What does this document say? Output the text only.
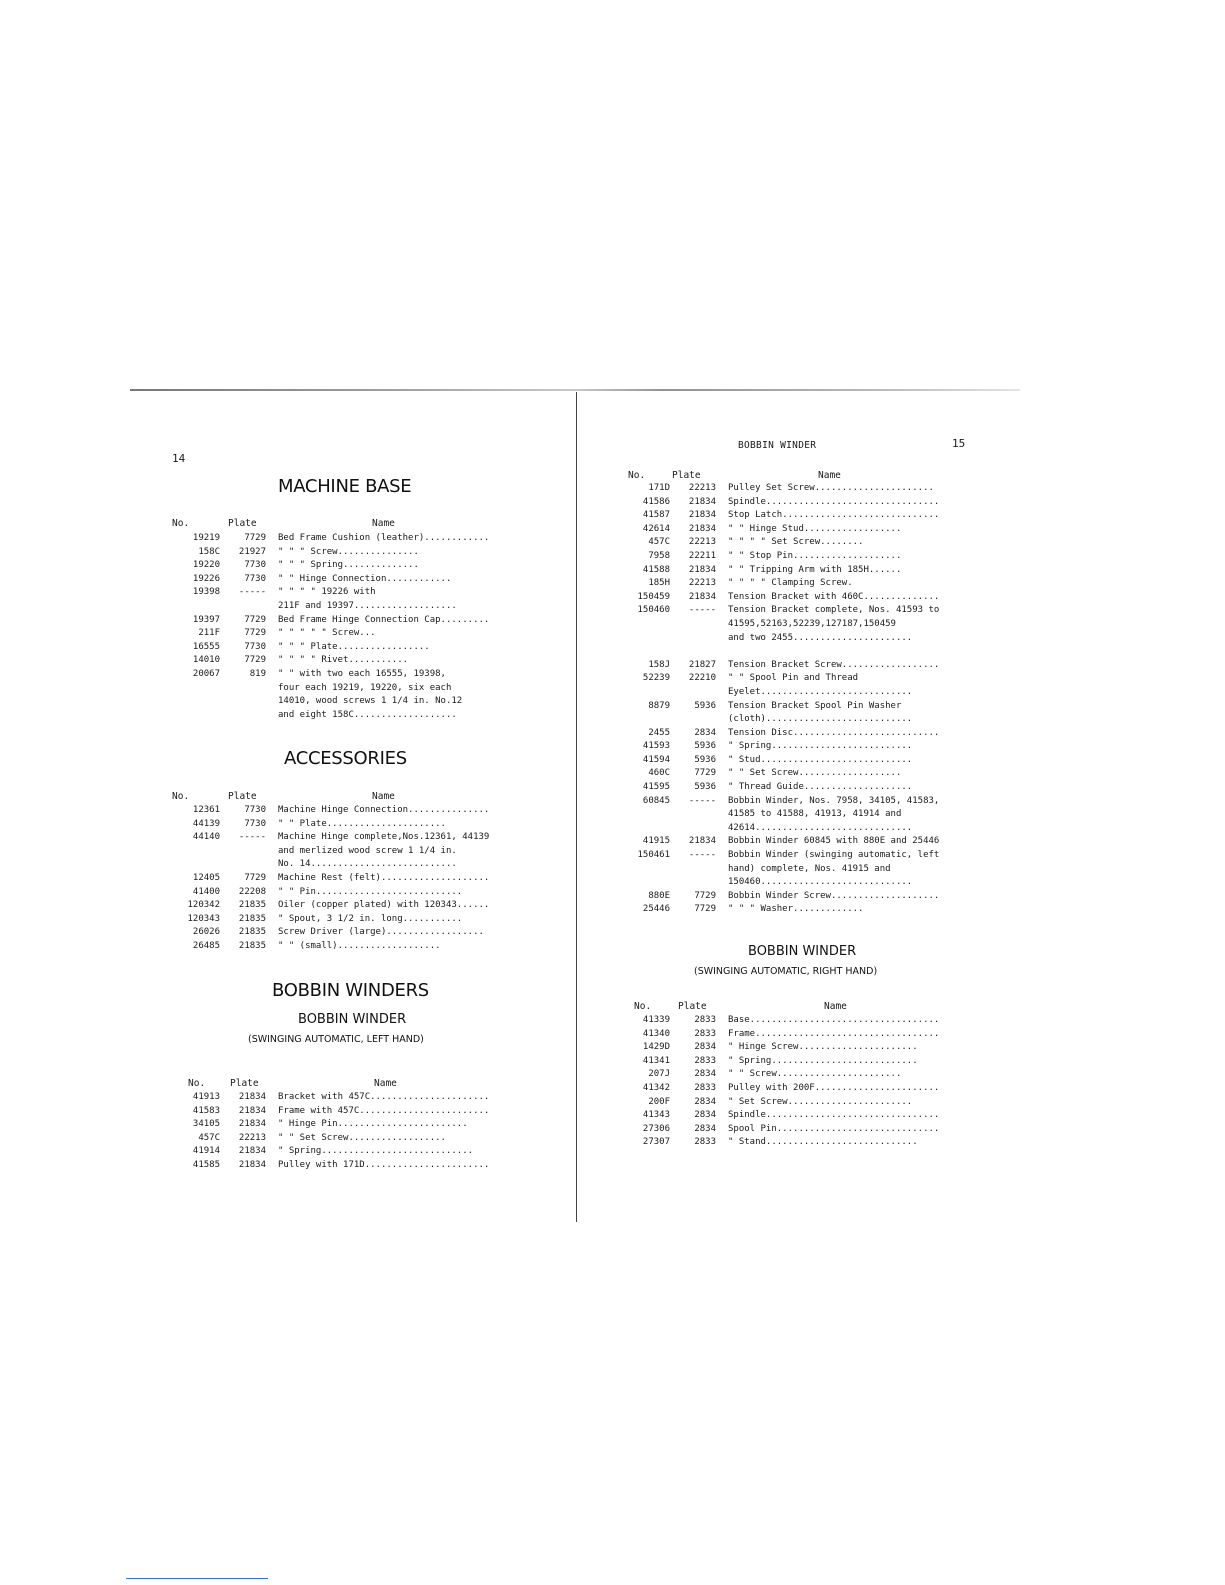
14
MACHINE BASE
No.	Plate	Name
19219	7729 Bed Frame Cushion (leather)............
158C	21927 " " " Screw...............
19220	7730 " " " Spring..............
19226	7730 " " Hinge Connection............
19398	----- " " " " 19226 with
211F and 19397...................
19397	7729 Bed Frame Hinge Connection Cap.........
211F	7729 " " " " " Screw...
16555	7730 " " " Plate.................
14010	7729 " " " " Rivet...........
20067	819 " " with two each 16555, 19398,
four each 19219, 19220, six each
14010, wood screws 1 1/4 in. No.12
and eight 158C...................
ACCESSORIES
No.	Plate	Name
12361	7730 Machine Hinge Connection...............
44139	7730 " " Plate......................
44140	----- Machine Hinge complete,Nos.12361, 44139
and merlized wood screw 1 1/4 in.
No. 14...........................
12405	7729 Machine Rest (felt)....................
41400	22208 " " Pin...........................
120342	21835 Oiler (copper plated) with 120343......
120343	21835 " Spout, 3 1/2 in. long...........
26026	21835 Screw Driver (large)..................
26485	21835 " " (small)...................
BOBBIN WINDERS
BOBBIN WINDER
(SWINGING AUTOMATIC, LEFT HAND)
No.	Plate	Name
41913	21834 Bracket with 457C......................
41583	21834 Frame with 457C........................
34105	21834 " Hinge Pin........................
457C	22213 " " Set Screw..................
41914	21834 " Spring............................
41585	21834 Pulley with 171D.......................
BOBBIN WINDER	15
No.	Plate	Name
171D	22213 Pulley Set Screw......................
41586	21834 Spindle................................
41587	21834 Stop Latch.............................
42614	21834 " " Hinge Stud..................
457C	22213 " " " " Set Screw........
7958	22211 " " Stop Pin....................
41588	21834 " " Tripping Arm with 185H......
185H	22213 " " " " Clamping Screw.
150459	21834 Tension Bracket with 460C..............
150460	----- Tension Bracket complete, Nos. 41593 to
41595,52163,52239,127187,150459
and two 2455......................
158J	21827 Tension Bracket Screw..................
52239	22210 " " Spool Pin and Thread
Eyelet............................
8879	5936 Tension Bracket Spool Pin Washer
(cloth)...........................
2455	2834 Tension Disc...........................
41593	5936 " Spring..........................
41594	5936 " Stud............................
460C	7729 " " Set Screw...................
41595	5936 " Thread Guide....................
60845	----- Bobbin Winder, Nos. 7958, 34105, 41583,
41585 to 41588, 41913, 41914 and
42614.............................
41915	21834 Bobbin Winder 60845 with 880E and 25446
150461	----- Bobbin Winder (swinging automatic, left
hand) complete, Nos. 41915 and
150460............................
880E	7729 Bobbin Winder Screw....................
25446	7729 " " " Washer.............
BOBBIN WINDER
(SWINGING AUTOMATIC, RIGHT HAND)
No.	Plate	Name
41339	2833 Base...................................
41340	2833 Frame..................................
1429D	2834 " Hinge Screw......................
41341	2833 " Spring...........................
207J	2834 " " Screw.......................
41342	2833 Pulley with 200F.......................
200F	2834 " Set Screw.......................
41343	2834 Spindle................................
27306	2834 Spool Pin..............................
27307	2833 " Stand............................
